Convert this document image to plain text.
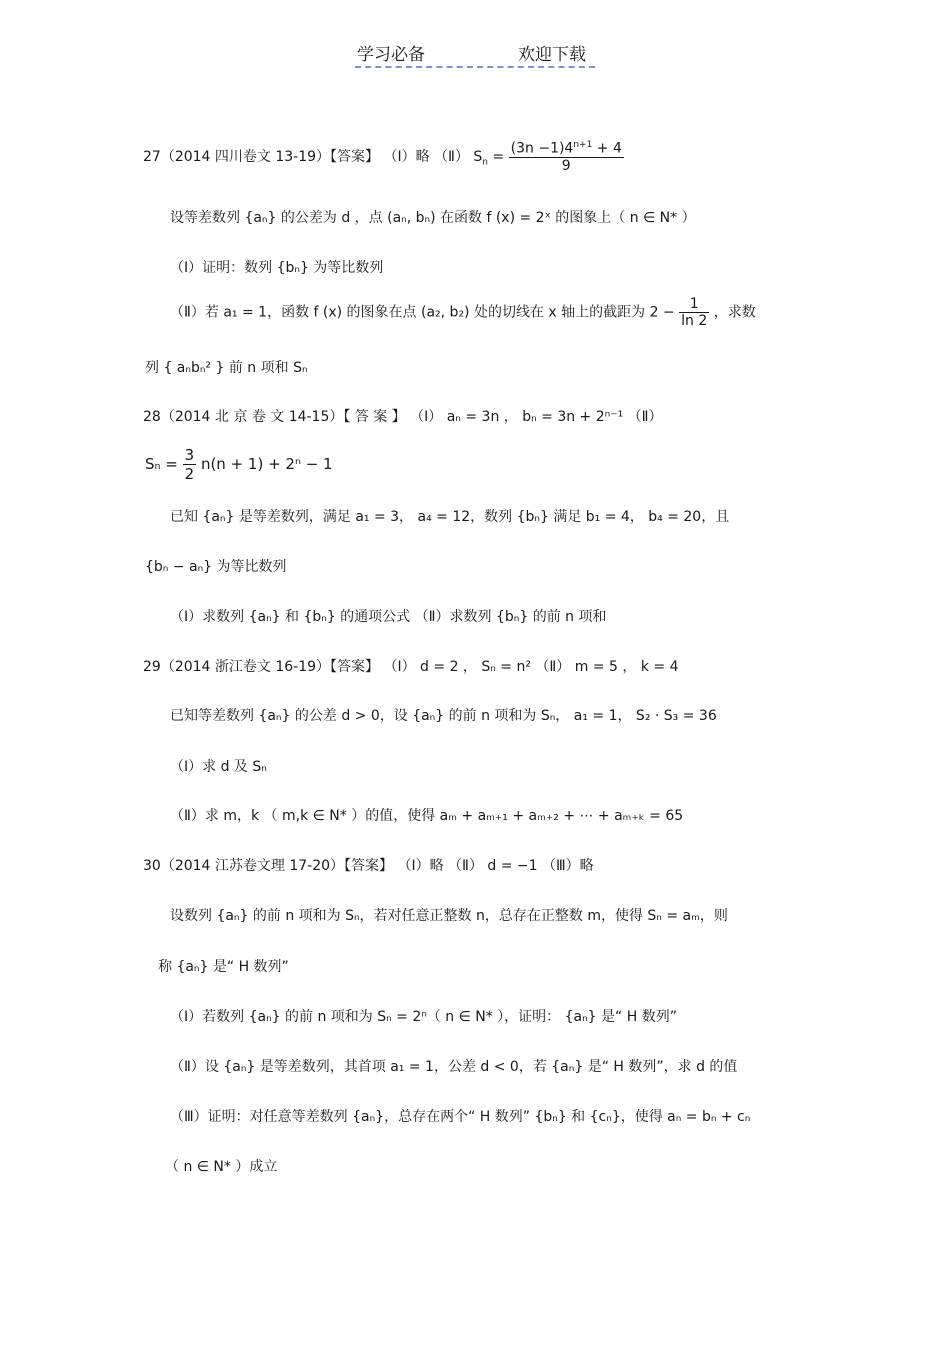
学习必备	欢迎下载
27（2014 四川卷文 13-19）【答案】 （Ⅰ）略 （Ⅱ） $S_n = \frac{(3n -1)4^{n+1} + 4}{9}$
设等差数列 {aₙ} 的公差为 d ，点 (aₙ, bₙ) 在函数 f (x) = 2ˣ 的图象上（ n ∈ N* ）
（Ⅰ）证明：数列 {bₙ} 为等比数列
（Ⅱ）若 a₁ = 1，函数 f (x) 的图象在点 (a₂, b₂) 处的切线在 x 轴上的截距为 $2 - \frac{1}{\ln 2}$ ，求数
列 { aₙbₙ² } 前 n 项和 Sₙ
28（2014 北 京 卷 文 14-15）【 答 案 】 （Ⅰ） aₙ = 3n ， bₙ = 3n + 2ⁿ⁻¹ （Ⅱ）
$S_n = \frac{3}{2} n(n + 1) + 2^n - 1$
已知 {aₙ} 是等差数列，满足 a₁ = 3， a₄ = 12，数列 {bₙ} 满足 b₁ = 4， b₄ = 20，且
{bₙ − aₙ} 为等比数列
（Ⅰ）求数列 {aₙ} 和 {bₙ} 的通项公式 （Ⅱ）求数列 {bₙ} 的前 n 项和
29（2014 浙江卷文 16-19）【答案】 （Ⅰ） d = 2 ， Sₙ = n² （Ⅱ） m = 5 ， k = 4
已知等差数列 {aₙ} 的公差 d > 0，设 {aₙ} 的前 n 项和为 Sₙ， a₁ = 1， S₂ · S₃ = 36
（Ⅰ）求 d 及 Sₙ
（Ⅱ）求 m，k （ m,k ∈ N* ）的值，使得 aₘ + aₘ₊₁ + aₘ₊₂ + ⋯ + aₘ₊ₖ = 65
30（2014 江苏卷文理 17-20）【答案】 （Ⅰ）略 （Ⅱ） d = −1 （Ⅲ）略
设数列 {aₙ} 的前 n 项和为 Sₙ，若对任意正整数 n，总存在正整数 m，使得 Sₙ = aₘ，则
称 {aₙ} 是“ H 数列”
（Ⅰ）若数列 {aₙ} 的前 n 项和为 Sₙ = 2ⁿ（ n ∈ N* ），证明： {aₙ} 是“ H 数列”
（Ⅱ）设 {aₙ} 是等差数列，其首项 a₁ = 1，公差 d < 0，若 {aₙ} 是“ H 数列”，求 d 的值
（Ⅲ）证明：对任意等差数列 {aₙ}，总存在两个“ H 数列” {bₙ} 和 {cₙ}，使得 aₙ = bₙ + cₙ
（ n ∈ N* ）成立
